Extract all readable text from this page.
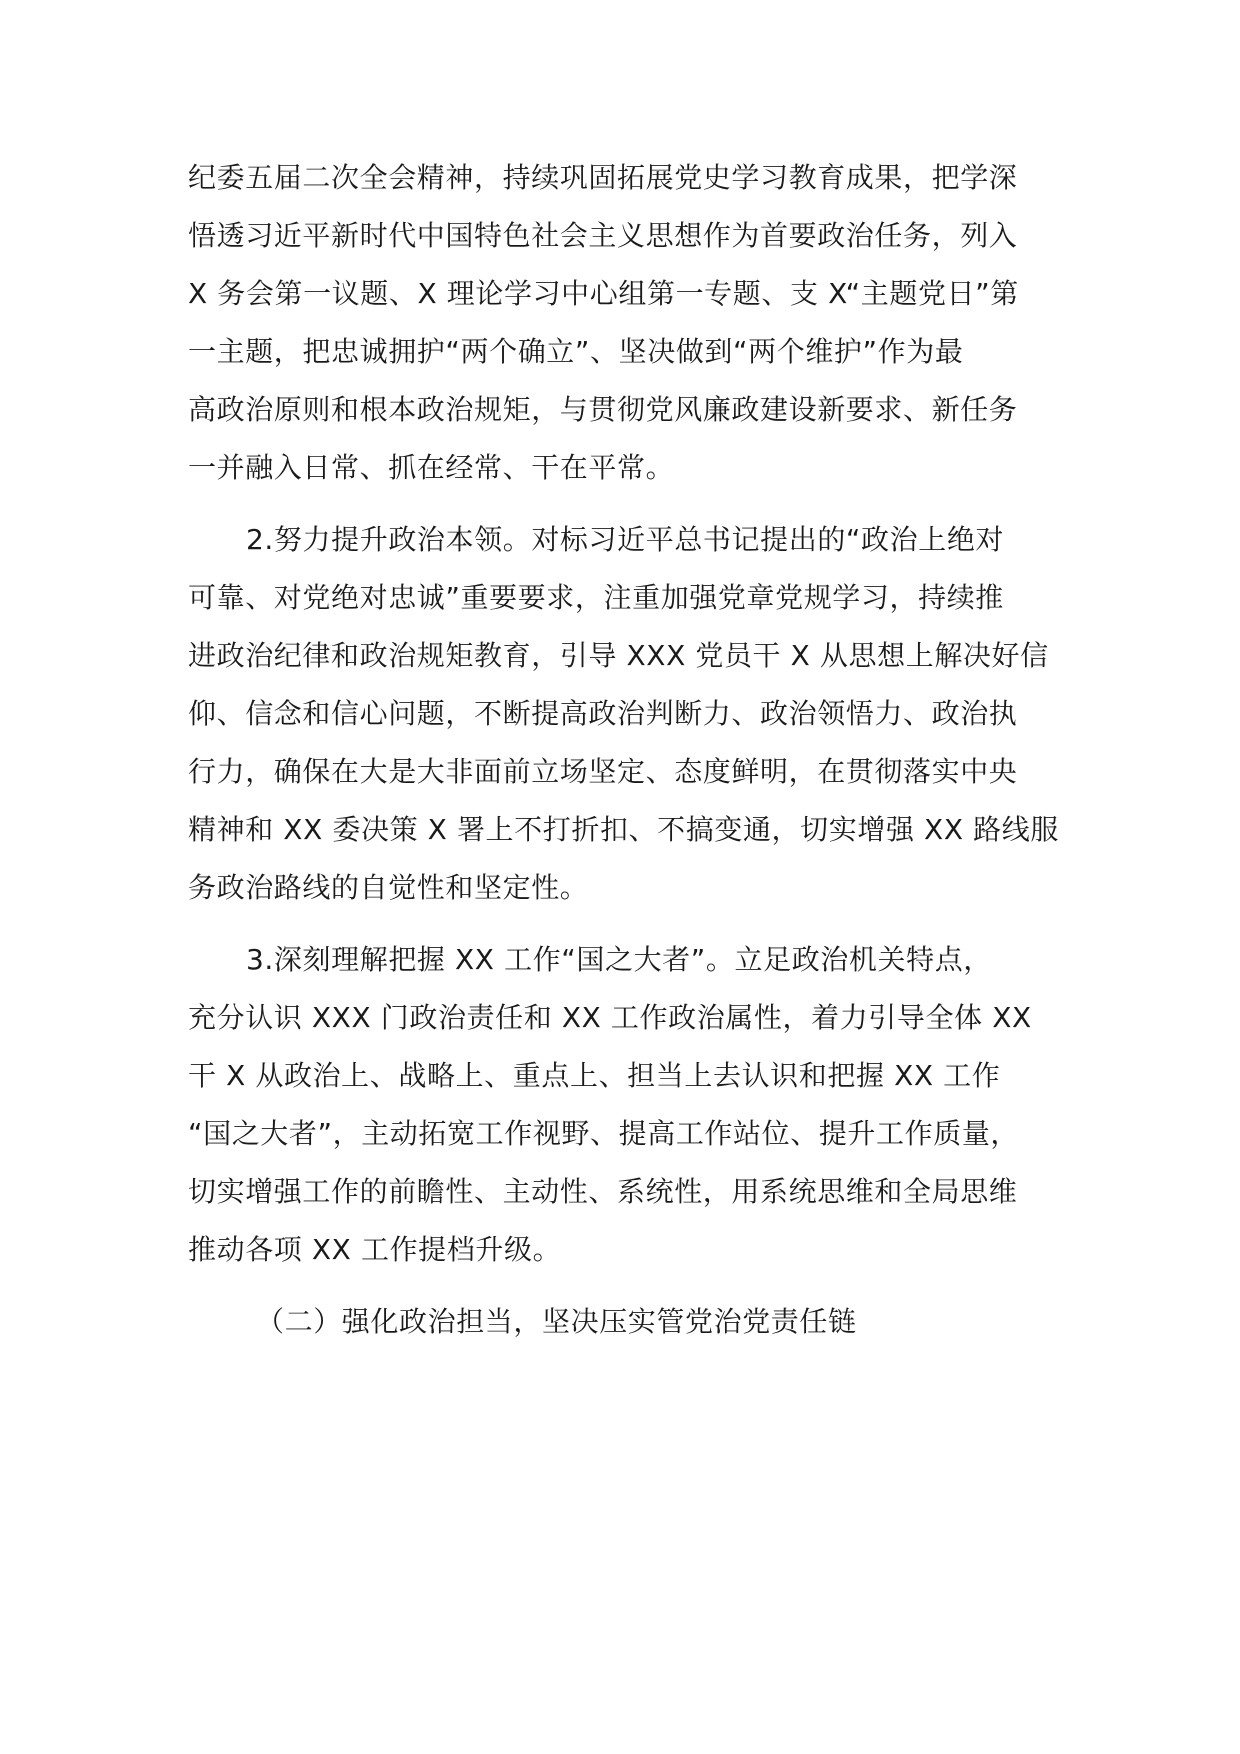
纪委五届二次全会精神，持续巩固拓展党史学习教育成果，把学深
悟透习近平新时代中国特色社会主义思想作为首要政治任务，列入
X 务会第一议题、X 理论学习中心组第一专题、支 X“主题党日”第
一主题，把忠诚拥护“两个确立”、坚决做到“两个维护”作为最
高政治原则和根本政治规矩，与贯彻党风廉政建设新要求、新任务
一并融入日常、抓在经常、干在平常。
2.努力提升政治本领。对标习近平总书记提出的“政治上绝对
可靠、对党绝对忠诚”重要要求，注重加强党章党规学习，持续推
进政治纪律和政治规矩教育，引导 XXX 党员干 X 从思想上解决好信
仰、信念和信心问题，不断提高政治判断力、政治领悟力、政治执
行力，确保在大是大非面前立场坚定、态度鲜明，在贯彻落实中央
精神和 XX 委决策 X 署上不打折扣、不搞变通，切实增强 XX 路线服
务政治路线的自觉性和坚定性。
3.深刻理解把握 XX 工作“国之大者”。立足政治机关特点，
充分认识 XXX 门政治责任和 XX 工作政治属性，着力引导全体 XX
干 X 从政治上、战略上、重点上、担当上去认识和把握 XX 工作
“国之大者”，主动拓宽工作视野、提高工作站位、提升工作质量，
切实增强工作的前瞻性、主动性、系统性，用系统思维和全局思维
推动各项 XX 工作提档升级。
（二）强化政治担当，坚决压实管党治党责任链
